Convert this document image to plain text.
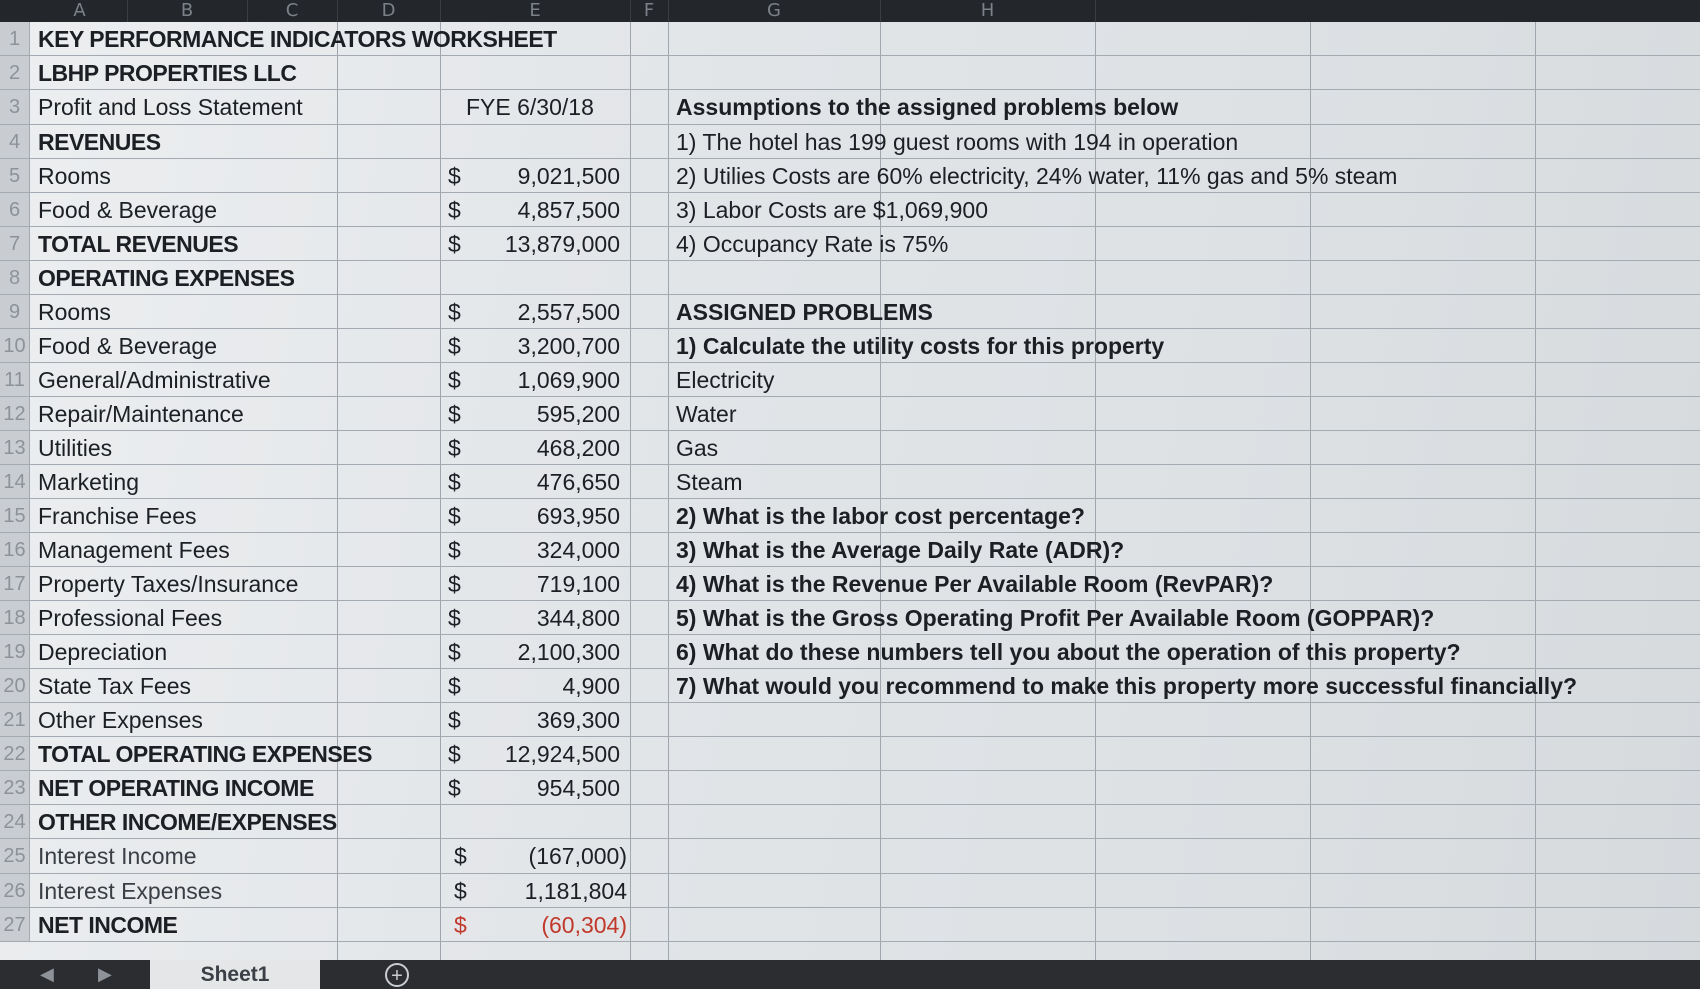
A	B	C	D	E	F	G	H
1 KEY PERFORMANCE INDICATORS WORKSHEET
2 LBHP PROPERTIES LLC
3 Profit and Loss Statement	FYE 6/30/18	Assumptions to the assigned problems below
4 REVENUES	1) The hotel has 199 guest rooms with 194 in operation
5 Rooms	$ 9,021,500 2) Utilies Costs are 60% electricity, 24% water, 11% gas and 5% steam
6 Food & Beverage	$ 4,857,500 3) Labor Costs are $1,069,900
7 TOTAL REVENUES	$ 13,879,000 4) Occupancy Rate is 75%
8 OPERATING EXPENSES
9 Rooms	$ 2,557,500 ASSIGNED PROBLEMS
10 Food & Beverage	$ 3,200,700 1) Calculate the utility costs for this property
11 General/Administrative	$ 1,069,900 Electricity
12 Repair/Maintenance	$	595,200 Water
13 Utilities	$	468,200 Gas
14 Marketing	$	476,650 Steam
15 Franchise Fees	$	693,950 2) What is the labor cost percentage?
16 Management Fees	$	324,000 3) What is the Average Daily Rate (ADR)?
17 Property Taxes/Insurance	$	719,100 4) What is the Revenue Per Available Room (RevPAR)?
18 Professional Fees	$	344,800 5) What is the Gross Operating Profit Per Available Room (GOPPAR)?
19 Depreciation	$ 2,100,300 6) What do these numbers tell you about the operation of this property?
20 State Tax Fees	$	4,900 7) What would you recommend to make this property more successful financially?
21 Other Expenses	$	369,300
22 TOTAL OPERATING EXPENSES	$ 12,924,500
23 NET OPERATING INCOME	$	954,500
24 OTHER INCOME/EXPENSES
25 Interest Income	$	(167,000)
26 Interest Expenses	$	1,181,804
27 NET INCOME	$	(60,304)
◀ ▶	Sheet1	+
